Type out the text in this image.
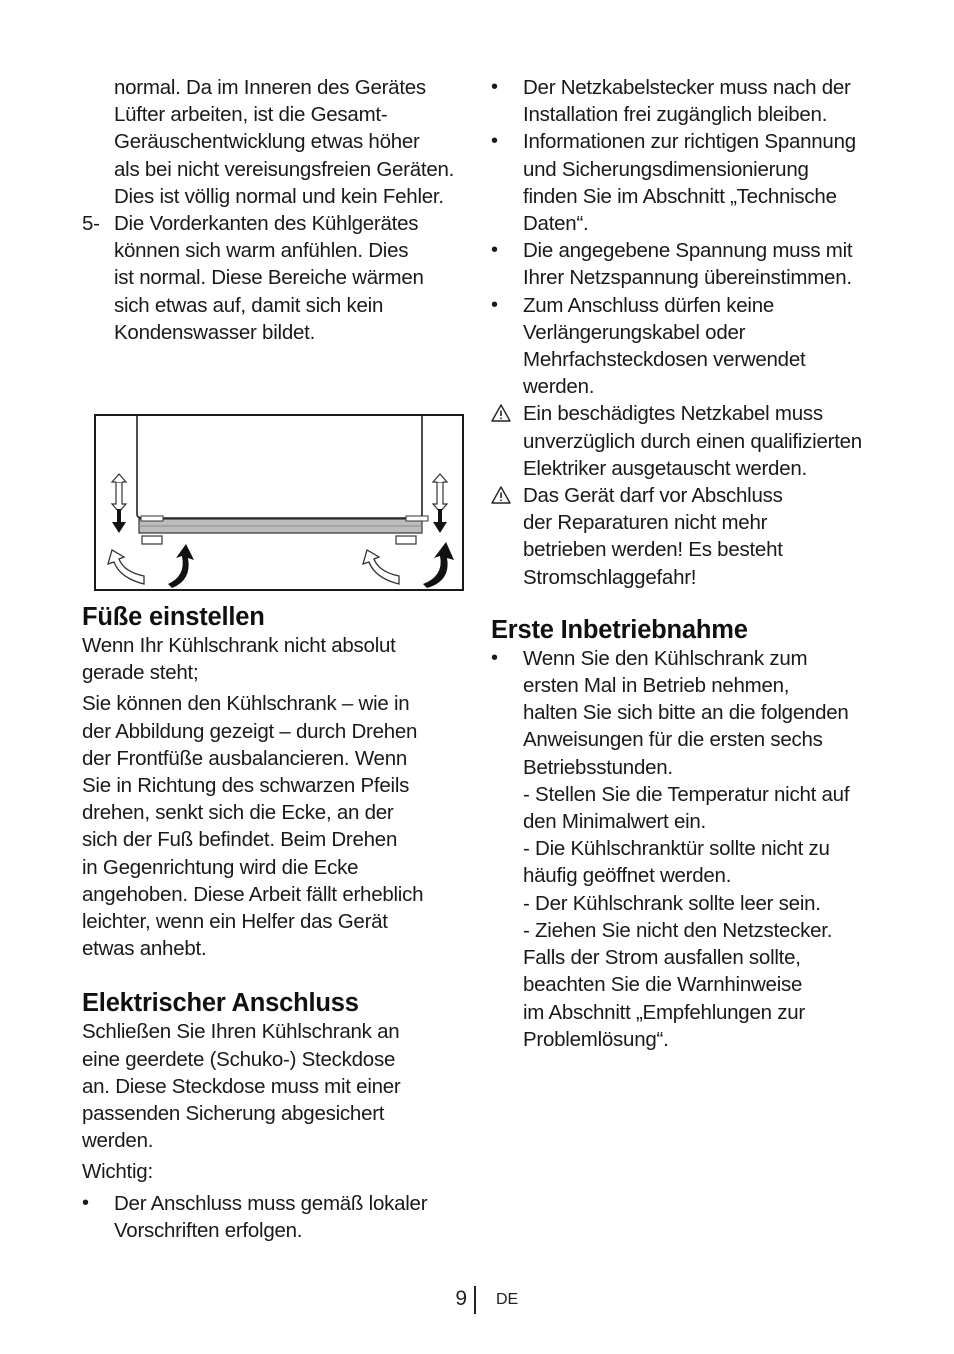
normal. Da im Inneren des Gerätes
Lüfter arbeiten, ist die Gesamt-
Geräuschentwicklung etwas höher
als bei nicht vereisungsfreien Geräten.
Dies ist völlig normal und kein Fehler.
5- Die Vorderkanten des Kühlgerätes
können sich warm anfühlen. Dies
ist normal. Diese Bereiche wärmen
sich etwas auf, damit sich kein
Kondenswasser bildet.
Füße einstellen
Wenn Ihr Kühlschrank nicht absolut
gerade steht;
Sie können den Kühlschrank – wie in
der Abbildung gezeigt – durch Drehen
der Frontfüße ausbalancieren. Wenn
Sie in Richtung des schwarzen Pfeils
drehen, senkt sich die Ecke, an der
sich der Fuß befindet. Beim Drehen
in Gegenrichtung wird die Ecke
angehoben. Diese Arbeit fällt erheblich
leichter, wenn ein Helfer das Gerät
etwas anhebt.
Elektrischer Anschluss
Schließen Sie Ihren Kühlschrank an
eine geerdete (Schuko-) Steckdose
an. Diese Steckdose muss mit einer
passenden Sicherung abgesichert
werden.
Wichtig:
•	Der Anschluss muss gemäß lokaler
Vorschriften erfolgen.
•	Der Netzkabelstecker muss nach der
Installation frei zugänglich bleiben.
•	Informationen zur richtigen Spannung
und Sicherungsdimensionierung
finden Sie im Abschnitt „Technische
Daten“.
•	Die angegebene Spannung muss mit
Ihrer Netzspannung übereinstimmen.
•	Zum Anschluss dürfen keine
Verlängerungskabel oder
Mehrfachsteckdosen verwendet
werden.
Ein beschädigtes Netzkabel muss
unverzüglich durch einen qualifizierten
Elektriker ausgetauscht werden.
Das Gerät darf vor Abschluss
der Reparaturen nicht mehr
betrieben werden! Es besteht
Stromschlaggefahr!
Erste Inbetriebnahme
•	Wenn Sie den Kühlschrank zum
ersten Mal in Betrieb nehmen,
halten Sie sich bitte an die folgenden
Anweisungen für die ersten sechs
Betriebsstunden.
- Stellen Sie die Temperatur nicht auf
den Minimalwert ein.
- Die Kühlschranktür sollte nicht zu
häufig geöffnet werden.
- Der Kühlschrank sollte leer sein.
- Ziehen Sie nicht den Netzstecker.
Falls der Strom ausfallen sollte,
beachten Sie die Warnhinweise
im Abschnitt „Empfehlungen zur
Problemlösung“.
9 DE
